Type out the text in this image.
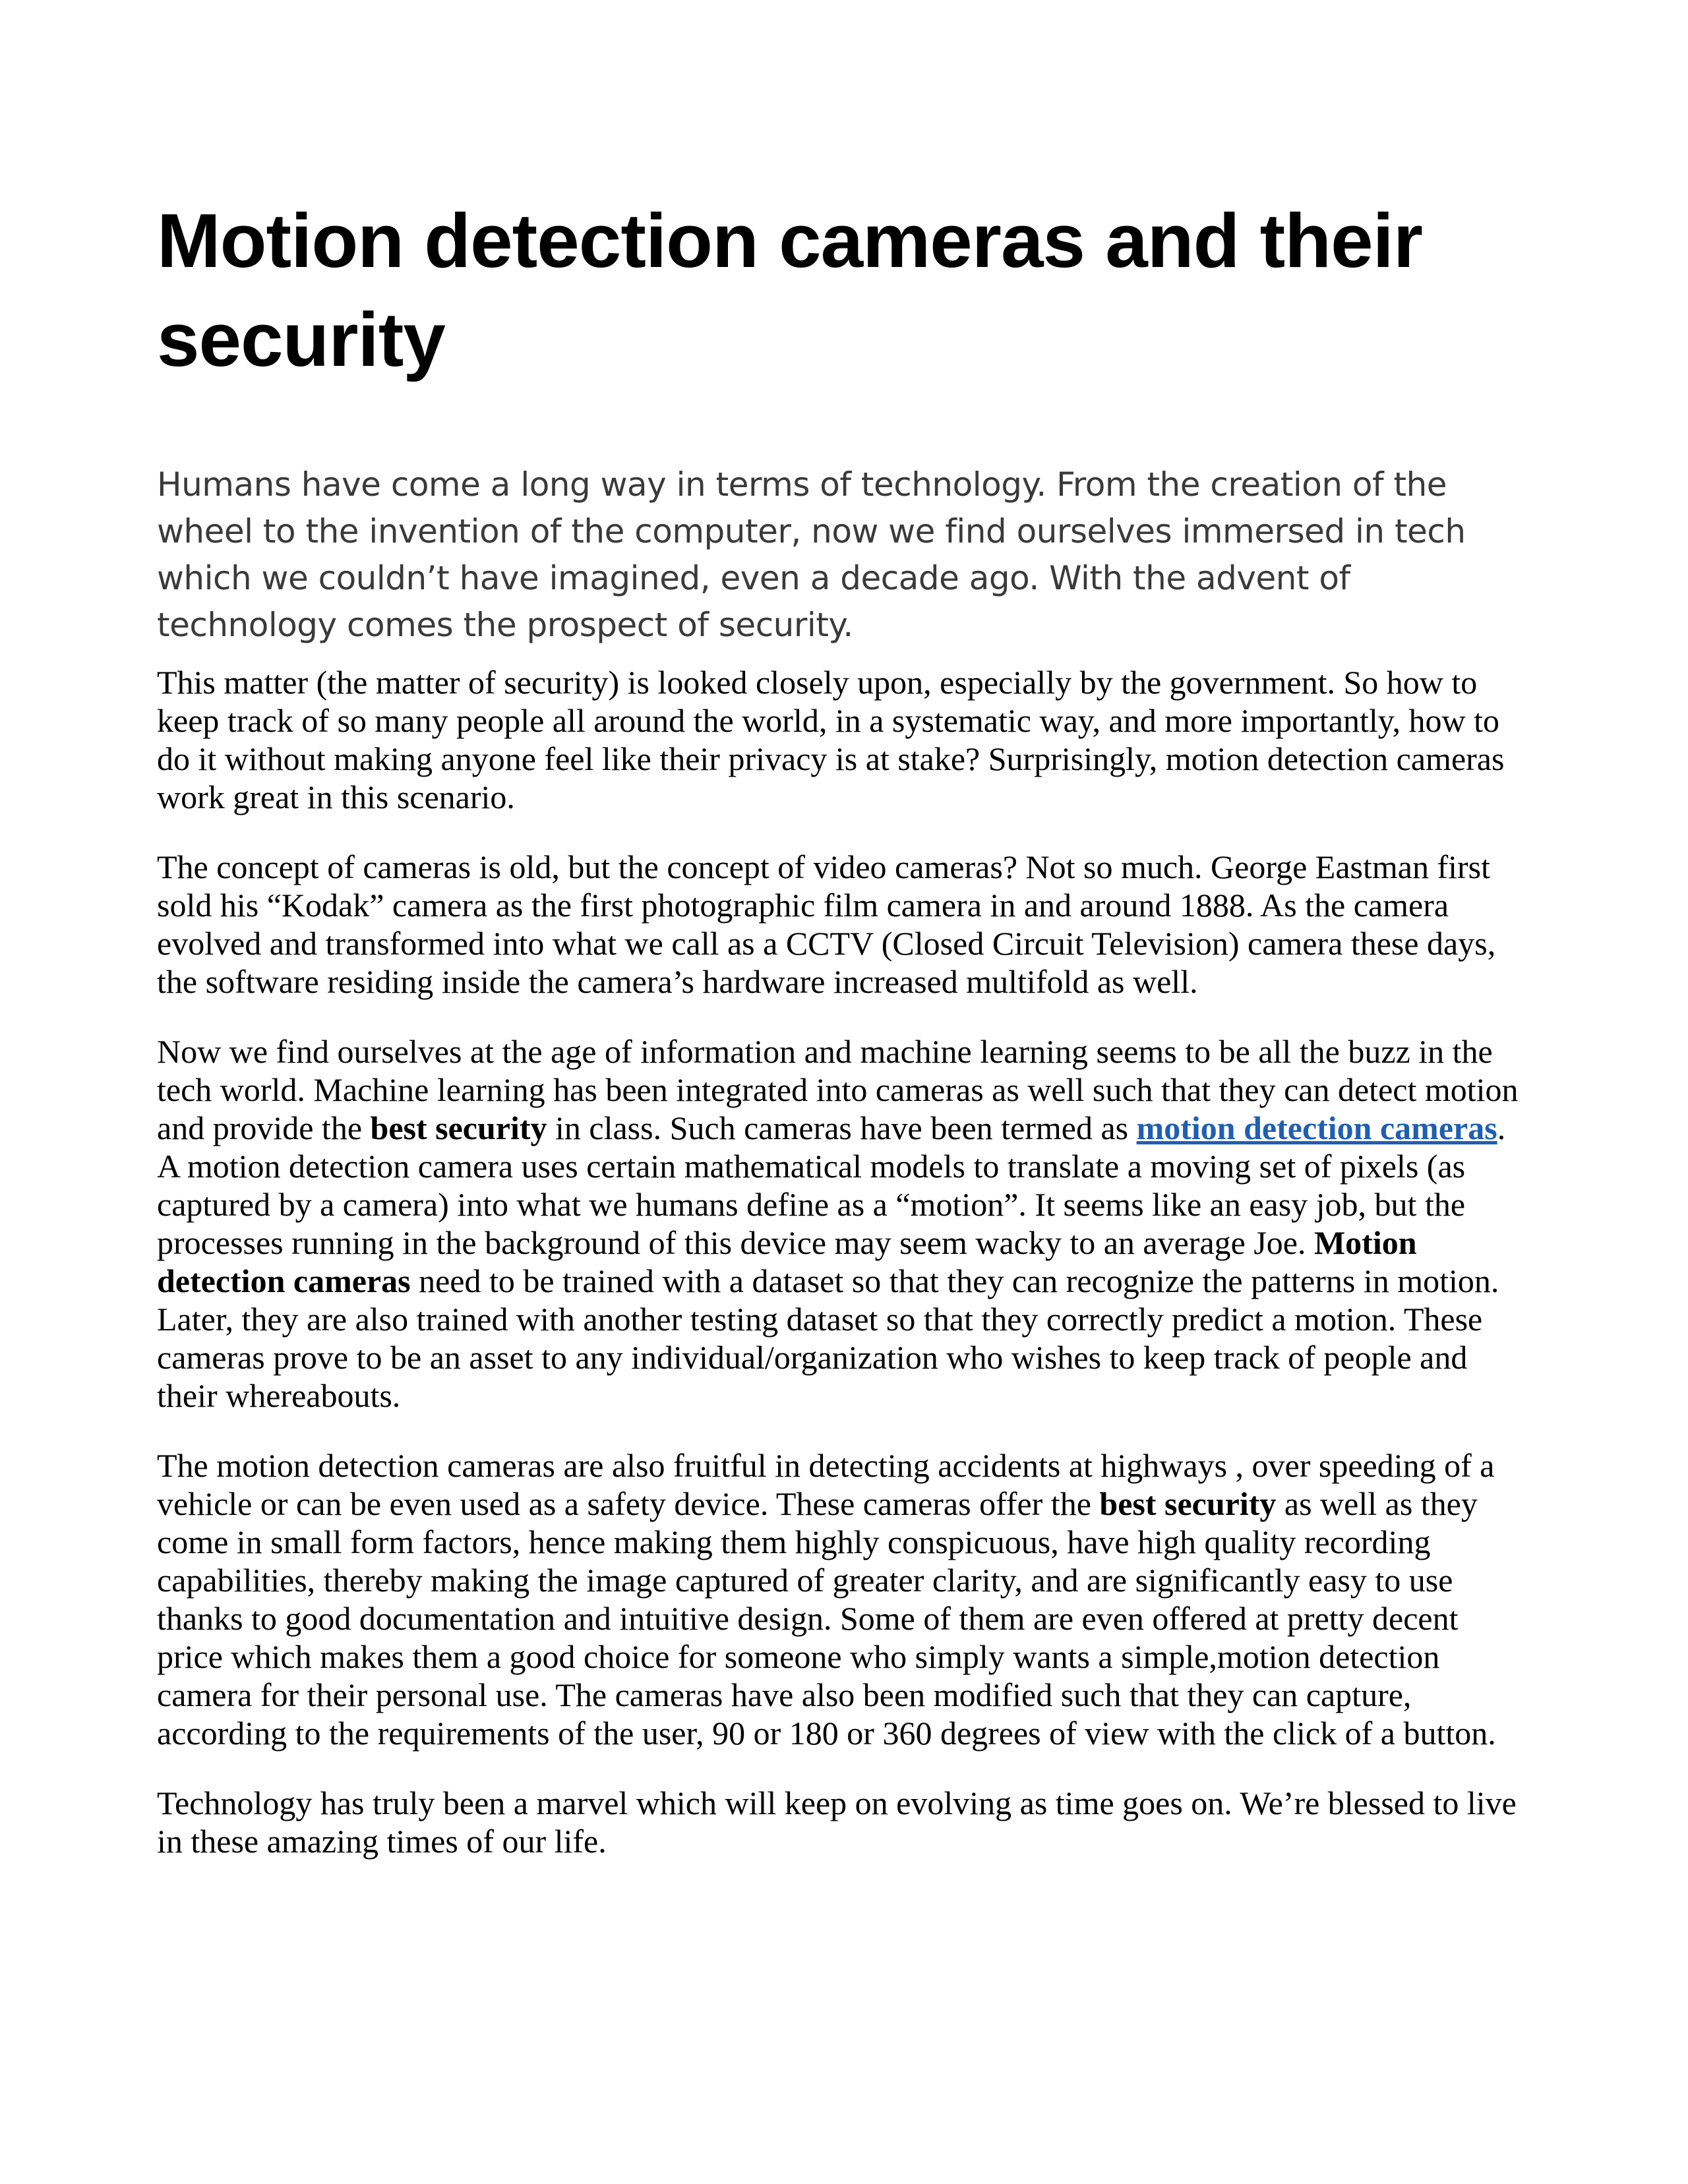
Motion detection cameras and their security

Humans have come a long way in terms of technology. From the creation of the wheel to the invention of the computer, now we find ourselves immersed in tech which we couldn’t have imagined, even a decade ago. With the advent of technology comes the prospect of security.

This matter (the matter of security) is looked closely upon, especially by the government. So how to keep track of so many people all around the world, in a systematic way, and more importantly, how to do it without making anyone feel like their privacy is at stake? Surprisingly, motion detection cameras work great in this scenario.

The concept of cameras is old, but the concept of video cameras? Not so much. George Eastman first sold his “Kodak” camera as the first photographic film camera in and around 1888. As the camera evolved and transformed into what we call as a CCTV (Closed Circuit Television) camera these days, the software residing inside the camera’s hardware increased multifold as well.

Now we find ourselves at the age of information and machine learning seems to be all the buzz in the tech world. Machine learning has been integrated into cameras as well such that they can detect motion and provide the best security in class. Such cameras have been termed as motion detection cameras. A motion detection camera uses certain mathematical models to translate a moving set of pixels (as captured by a camera) into what we humans define as a “motion”. It seems like an easy job, but the processes running in the background of this device may seem wacky to an average Joe. Motion detection cameras need to be trained with a dataset so that they can recognize the patterns in motion. Later, they are also trained with another testing dataset so that they correctly predict a motion. These cameras prove to be an asset to any individual/organization who wishes to keep track of people and their whereabouts.

The motion detection cameras are also fruitful in detecting accidents at highways , over speeding of a vehicle or can be even used as a safety device. These cameras offer the best security as well as they come in small form factors, hence making them highly conspicuous, have high quality recording capabilities, thereby making the image captured of greater clarity, and are significantly easy to use thanks to good documentation and intuitive design. Some of them are even offered at pretty decent price which makes them a good choice for someone who simply wants a simple,motion detection camera for their personal use. The cameras have also been modified such that they can capture, according to the requirements of the user, 90 or 180 or 360 degrees of view with the click of a button.

Technology has truly been a marvel which will keep on evolving as time goes on. We’re blessed to live in these amazing times of our life.
